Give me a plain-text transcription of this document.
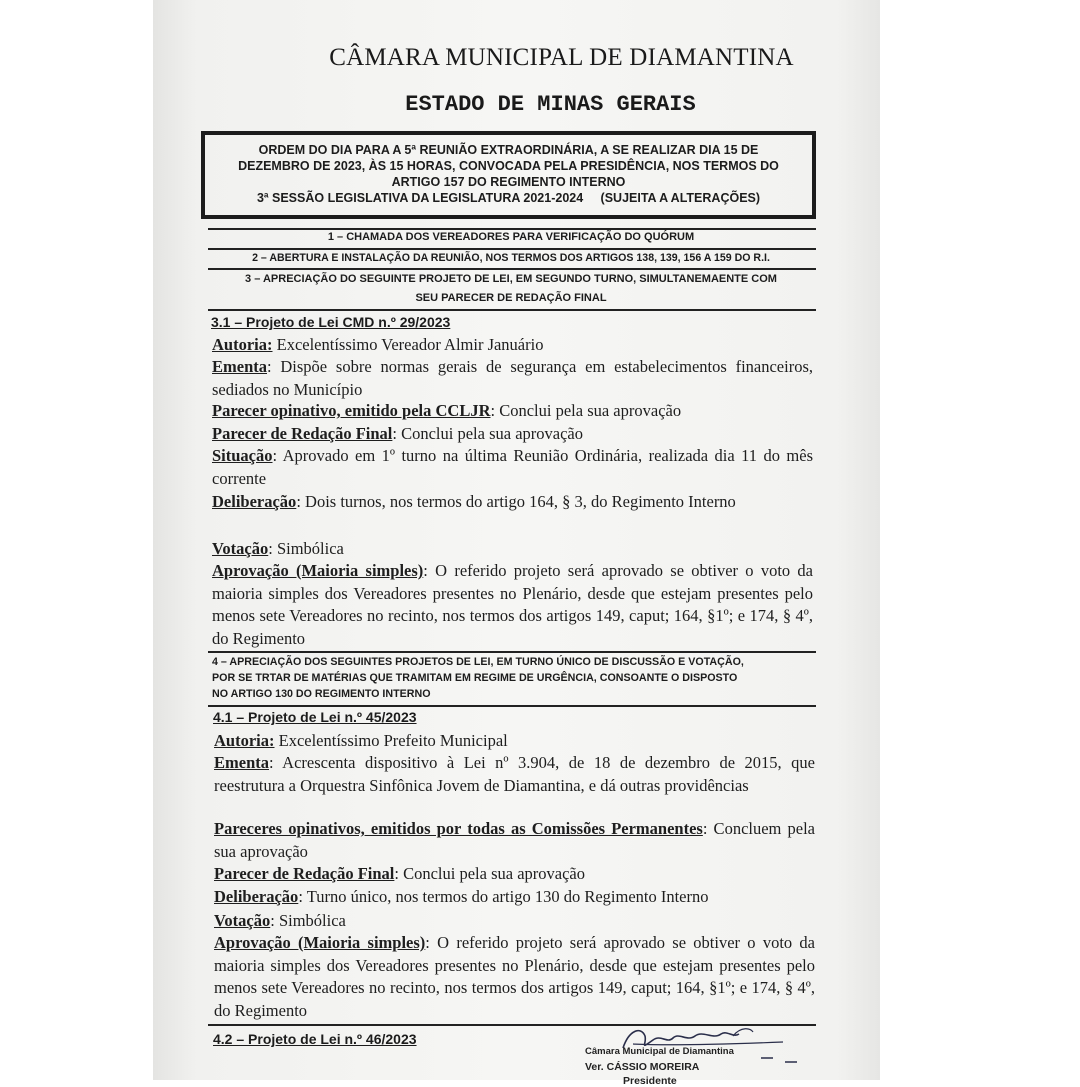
CÂMARA MUNICIPAL DE DIAMANTINA
ESTADO DE MINAS GERAIS
ORDEM DO DIA PARA A 5ª REUNIÃO EXTRAORDINÁRIA, A SE REALIZAR DIA 15 DE
DEZEMBRO DE 2023, ÀS 15 HORAS, CONVOCADA PELA PRESIDÊNCIA, NOS TERMOS DO
ARTIGO 157 DO REGIMENTO INTERNO
3ª SESSÃO LEGISLATIVA DA LEGISLATURA 2021-2024     (SUJEITA A ALTERAÇÕES)
1 – CHAMADA DOS VEREADORES PARA VERIFICAÇÃO DO QUÓRUM
2 – ABERTURA E INSTALAÇÃO DA REUNIÃO, NOS TERMOS DOS ARTIGOS 138, 139, 156 A 159 DO R.I.
3 – APRECIAÇÃO DO SEGUINTE PROJETO DE LEI, EM SEGUNDO TURNO, SIMULTANEMAENTE COM
SEU PARECER DE REDAÇÃO FINAL
3.1 – Projeto de Lei CMD n.º 29/2023
Autoria: Excelentíssimo Vereador Almir Januário
Ementa: Dispõe sobre normas gerais de segurança em estabelecimentos financeiros, sediados no Município
Parecer opinativo, emitido pela CCLJR: Conclui pela sua aprovação
Parecer de Redação Final: Conclui pela sua aprovação
Situação: Aprovado em 1º turno na última Reunião Ordinária, realizada dia 11 do mês corrente
Deliberação: Dois turnos, nos termos do artigo 164, § 3, do Regimento Interno
Votação: Simbólica
Aprovação (Maioria simples): O referido projeto será aprovado se obtiver o voto da maioria simples dos Vereadores presentes no Plenário, desde que estejam presentes pelo menos sete Vereadores no recinto, nos termos dos artigos 149, caput; 164, §1º; e 174, § 4º, do Regimento
4 – APRECIAÇÃO DOS SEGUINTES PROJETOS DE LEI, EM TURNO ÚNICO DE DISCUSSÃO E VOTAÇÃO,
POR SE TRTAR DE MATÉRIAS QUE TRAMITAM EM REGIME DE URGÊNCIA, CONSOANTE O DISPOSTO
NO ARTIGO 130 DO REGIMENTO INTERNO
4.1 – Projeto de Lei n.º 45/2023
Autoria: Excelentíssimo Prefeito Municipal
Ementa: Acrescenta dispositivo à Lei nº 3.904, de 18 de dezembro de 2015, que reestrutura a Orquestra Sinfônica Jovem de Diamantina, e dá outras providências
Pareceres opinativos, emitidos por todas as Comissões Permanentes: Concluem pela sua aprovação
Parecer de Redação Final: Conclui pela sua aprovação
Deliberação: Turno único, nos termos do artigo 130 do Regimento Interno
Votação: Simbólica
Aprovação (Maioria simples): O referido projeto será aprovado se obtiver o voto da maioria simples dos Vereadores presentes no Plenário, desde que estejam presentes pelo menos sete Vereadores no recinto, nos termos dos artigos 149, caput; 164, §1º; e 174, § 4º, do Regimento
4.2 – Projeto de Lei n.º 46/2023
Câmara Municipal de Diamantina
Ver. CÁSSIO MOREIRA
Presidente
